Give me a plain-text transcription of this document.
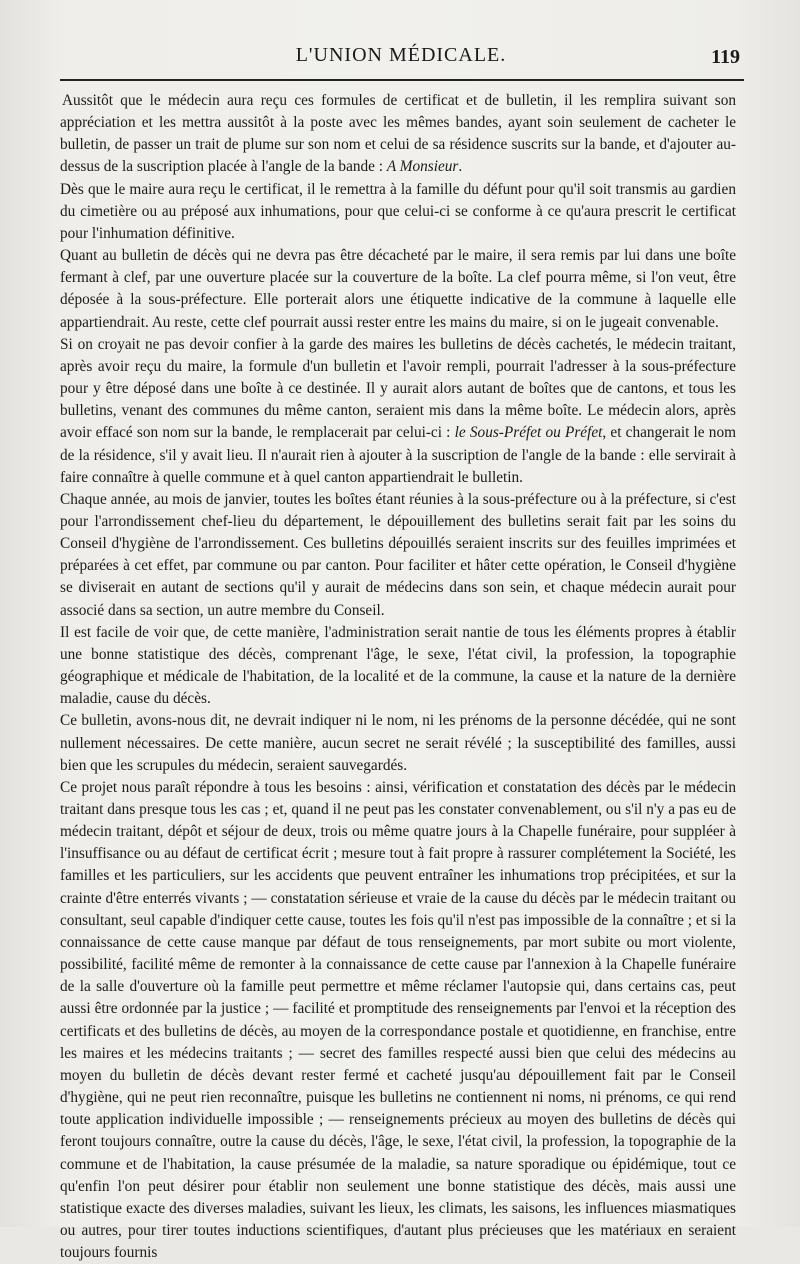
L'UNION MÉDICALE.	119

Aussitôt que le médecin aura reçu ces formules de certificat et de bulletin, il les remplira suivant son appréciation et les mettra aussitôt à la poste avec les mêmes bandes, ayant soin seulement de cacheter le bulletin, de passer un trait de plume sur son nom et celui de sa résidence suscrits sur la bande, et d'ajouter au-dessus de la suscription placée à l'angle de la bande : A Monsieur.

Dès que le maire aura reçu le certificat, il le remettra à la famille du défunt pour qu'il soit transmis au gardien du cimetière ou au préposé aux inhumations, pour que celui-ci se conforme à ce qu'aura prescrit le certificat pour l'inhumation définitive.

Quant au bulletin de décès qui ne devra pas être décacheté par le maire, il sera remis par lui dans une boîte fermant à clef, par une ouverture placée sur la couverture de la boîte. La clef pourra même, si l'on veut, être déposée à la sous-préfecture. Elle porterait alors une étiquette indicative de la commune à laquelle elle appartiendrait. Au reste, cette clef pourrait aussi rester entre les mains du maire, si on le jugeait convenable.

Si on croyait ne pas devoir confier à la garde des maires les bulletins de décès cachetés, le médecin traitant, après avoir reçu du maire, la formule d'un bulletin et l'avoir rempli, pourrait l'adresser à la sous-préfecture pour y être déposé dans une boîte à ce destinée. Il y aurait alors autant de boîtes que de cantons, et tous les bulletins, venant des communes du même canton, seraient mis dans la même boîte. Le médecin alors, après avoir effacé son nom sur la bande, le remplacerait par celui-ci : le Sous-Préfet ou Préfet, et changerait le nom de la résidence, s'il y avait lieu. Il n'aurait rien à ajouter à la suscription de l'angle de la bande : elle servirait à faire connaître à quelle commune et à quel canton appartiendrait le bulletin.

Chaque année, au mois de janvier, toutes les boîtes étant réunies à la sous-préfecture ou à la préfecture, si c'est pour l'arrondissement chef-lieu du département, le dépouillement des bulletins serait fait par les soins du Conseil d'hygiène de l'arrondissement. Ces bulletins dépouillés seraient inscrits sur des feuilles imprimées et préparées à cet effet, par commune ou par canton. Pour faciliter et hâter cette opération, le Conseil d'hygiène se diviserait en autant de sections qu'il y aurait de médecins dans son sein, et chaque médecin aurait pour associé dans sa section, un autre membre du Conseil.

Il est facile de voir que, de cette manière, l'administration serait nantie de tous les éléments propres à établir une bonne statistique des décès, comprenant l'âge, le sexe, l'état civil, la profession, la topographie géographique et médicale de l'habitation, de la localité et de la commune, la cause et la nature de la dernière maladie, cause du décès.

Ce bulletin, avons-nous dit, ne devrait indiquer ni le nom, ni les prénoms de la personne décédée, qui ne sont nullement nécessaires. De cette manière, aucun secret ne serait révélé ; la susceptibilité des familles, aussi bien que les scrupules du médecin, seraient sauvegardés.

Ce projet nous paraît répondre à tous les besoins : ainsi, vérification et constatation des décès par le médecin traitant dans presque tous les cas ; et, quand il ne peut pas les constater convenablement, ou s'il n'y a pas eu de médecin traitant, dépôt et séjour de deux, trois ou même quatre jours à la Chapelle funéraire, pour suppléer à l'insuffisance ou au défaut de certificat écrit ; mesure tout à fait propre à rassurer complétement la Société, les familles et les particuliers, sur les accidents que peuvent entraîner les inhumations trop précipitées, et sur la crainte d'être enterrés vivants ; — constatation sérieuse et vraie de la cause du décès par le médecin traitant ou consultant, seul capable d'indiquer cette cause, toutes les fois qu'il n'est pas impossible de la connaître ; et si la connaissance de cette cause manque par défaut de tous renseignements, par mort subite ou mort violente, possibilité, facilité même de remonter à la connaissance de cette cause par l'annexion à la Chapelle funéraire de la salle d'ouverture où la famille peut permettre et même réclamer l'autopsie qui, dans certains cas, peut aussi être ordonnée par la justice ; — facilité et promptitude des renseignements par l'envoi et la réception des certificats et des bulletins de décès, au moyen de la correspondance postale et quotidienne, en franchise, entre les maires et les médecins traitants ; — secret des familles respecté aussi bien que celui des médecins au moyen du bulletin de décès devant rester fermé et cacheté jusqu'au dépouillement fait par le Conseil d'hygiène, qui ne peut rien reconnaître, puisque les bulletins ne contiennent ni noms, ni prénoms, ce qui rend toute application individuelle impossible ; — renseignements précieux au moyen des bulletins de décès qui feront toujours connaître, outre la cause du décès, l'âge, le sexe, l'état civil, la profession, la topographie de la commune et de l'habitation, la cause présumée de la maladie, sa nature sporadique ou épidémique, tout ce qu'enfin l'on peut désirer pour établir non seulement une bonne statistique des décès, mais aussi une statistique exacte des diverses maladies, suivant les lieux, les climats, les saisons, les influences miasmatiques ou autres, pour tirer toutes inductions scientifiques, d'autant plus précieuses que les matériaux en seraient toujours fournis
